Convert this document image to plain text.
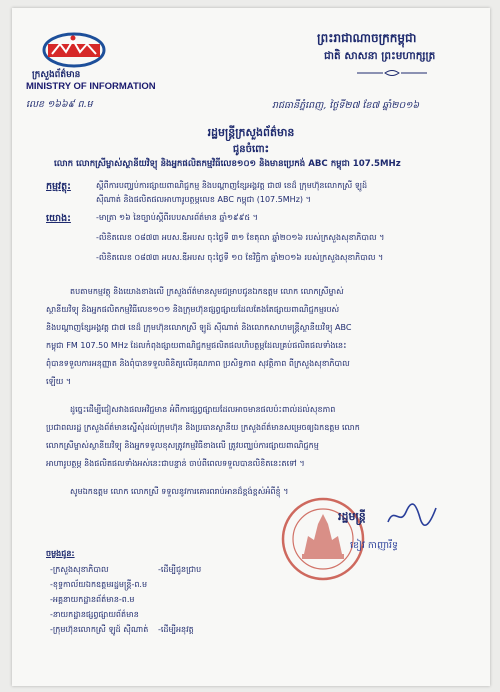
ក្រសួងព័ត៌មាន
MINISTRY OF INFORMATION
លេខ ១៦៦៩ ព.ម
ព្រះរាជាណាចក្រកម្ពុជា
ជាតិ សាសនា ព្រះមហាក្សត្រ
រាជធានីភ្នំពេញ, ថ្ងៃទី២៧ ខែ៧ ឆ្នាំ២០១៦
រដ្ឋមន្ត្រីក្រសួងព័ត៌មាន
ជូនចំពោះ
លោក លោកស្រីម្ចាស់ស្ថានីយវិទ្យុ និងអ្នកផលិតកម្មវិធីលេខ១០១ និងមានប្រេកង់ ABC កម្ពុជា 107.5MHz
កម្មវត្ថុ:	ស្តីពីការបញ្ឈប់ការផ្សាយពាណិជ្ជកម្ម និងបណ្តាញខ្សែអង្គវត្ត ជា៧ ខេដ៏ ក្រុមហ៊ុនលោកស្រី ឡូដ៍
ស៊ីណាត់ និងផលិតផលអាហារូបត្ថម្ភលេខ ABC កម្ពុជា (107.5MHz) ។
យោង:	-មាត្រា ១៦ នៃច្បាប់ស្តីពីរបបសារព័ត៌មាន ឆ្នាំ១៩៩៥ ។
-លិខិតលេខ ០៨៧៣ អបស.ឌីអបស ចុះថ្ងៃទី ៣១ ខែតុលា ឆ្នាំ២០១៦ របស់ក្រសួងសុខាភិបាល ។
-លិខិតលេខ ០៨៧៣ អបស.ឌីអបស ចុះថ្ងៃទី ១០ ខែវិច្ឆិកា ឆ្នាំ២០១៦ របស់ក្រសួងសុខាភិបាល ។
តបតាមកម្មវត្ថុ និងយោងខាងលើ ក្រសួងព័ត៌មានសូមជម្រាបជូនឯកឧត្តម លោក លោកស្រីម្ចាស់
ស្ថានីយវិទ្យុ និងអ្នកផលិតកម្មវិធីលេខ១០១ និងក្រុមហ៊ុនផ្សព្វផ្សាយដែលតែងតែផ្សាយពាណិជ្ជកម្មរបស់
និងបណ្តាញខ្សែអង្គវត្ត ជា៧ ខេដ៏ ក្រុមហ៊ុនលោកស្រី ឡូដ៍ ស៊ីណាត់ និងលោកសាហមន្ត្រីស្ថានីយវិទ្យុ ABC
កម្ពុជា FM 107.50 MHz ដែលកំពុងផ្សាយពាណិជ្ជកម្មផលិតផលហិបត្ថម្ភដែលគ្រប់ផលិតផលទាំងនេះ
ពុំបានទទួលការអនុញ្ញាត និងពុំបានទទួលពិនិត្យលើគុណភាព ប្រសិទ្ធភាព សុវត្ថិភាព ពីក្រសួងសុខាភិបាល
ឡើយ ។
ដូច្នេះដើម្បីជៀសវាងផលអវិជ្ជមាន អំពីការផ្សព្វផ្សាយដែលអាចមានផលប៉ះពាល់ដល់សុខភាព
ប្រជាពលរដ្ឋ ក្រសួងព័ត៌មានស្នើសុំដល់ក្រុមហ៊ុន និងប្រធានស្ថានីយ ក្រសួងព័ត៌មានសម្រេចឲ្យឯកឧត្តម លោក
លោកស្រីម្ចាស់ស្ថានីយវិទ្យុ និងអ្នកទទួលខុសត្រូវកម្មវិធីខាងលើ ត្រូវបញ្ឈប់ការផ្សាយពាណិជ្ជកម្ម
អាហារូបត្ថម្ភ និងផលិតផលទាំងអស់នេះជាបន្ទាន់ ចាប់ពីពេលទទួលបានលិខិតនេះតទៅ ។
សូមឯកឧត្តម លោក លោកស្រី ទទួលនូវការគោរពរាប់អានដ៏ខ្ពង់ខ្ពស់អំពីខ្ញុំ ។
រដ្ឋមន្ត្រី
ខៀវ កាញារីទ្ធ
ចម្លងជូន:
-ក្រសួងសុខាភិបាល
-ខុទ្ទកាល័យឯកឧត្តមរដ្ឋមន្ត្រី-ព.ម
-អគ្គនាយកដ្ឋានព័ត៌មាន-ព.ម
-នាយកដ្ឋានផ្សព្វផ្សាយព័ត៌មាន
-ក្រុមហ៊ុនលោកស្រី ឡូដ៍ ស៊ីណាត់
-ដើម្បីជូនជ្រាប
-ដើម្បីអនុវត្ត
